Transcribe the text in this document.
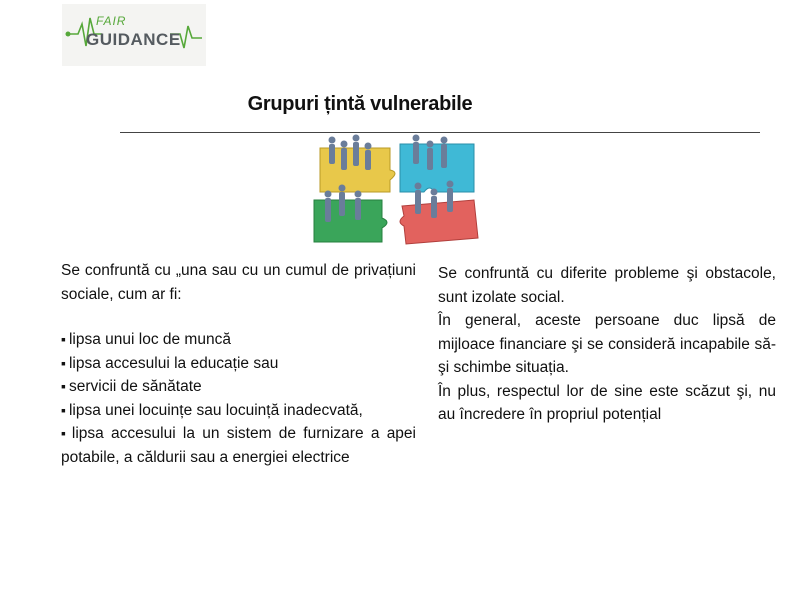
FAIR
GUIDANCE
Grupuri țintă vulnerabile

Se confruntă cu „una sau cu un cumul de privațiuni sociale, cum ar fi:

▪ lipsa unui loc de muncă

▪ lipsa accesului la educație sau

▪ servicii de sănătate

▪ lipsa unei locuințe sau locuință inadecvată,

▪ lipsa accesului la un sistem de furnizare a apei potabile, a căldurii sau a energiei electrice

Se confruntă cu diferite probleme şi obstacole, sunt izolate social.

În general, aceste persoane duc lipsă de mijloace financiare şi se consideră incapabile să-şi schimbe situația.

În plus, respectul lor de sine este scăzut şi, nu au încredere în propriul potențial
